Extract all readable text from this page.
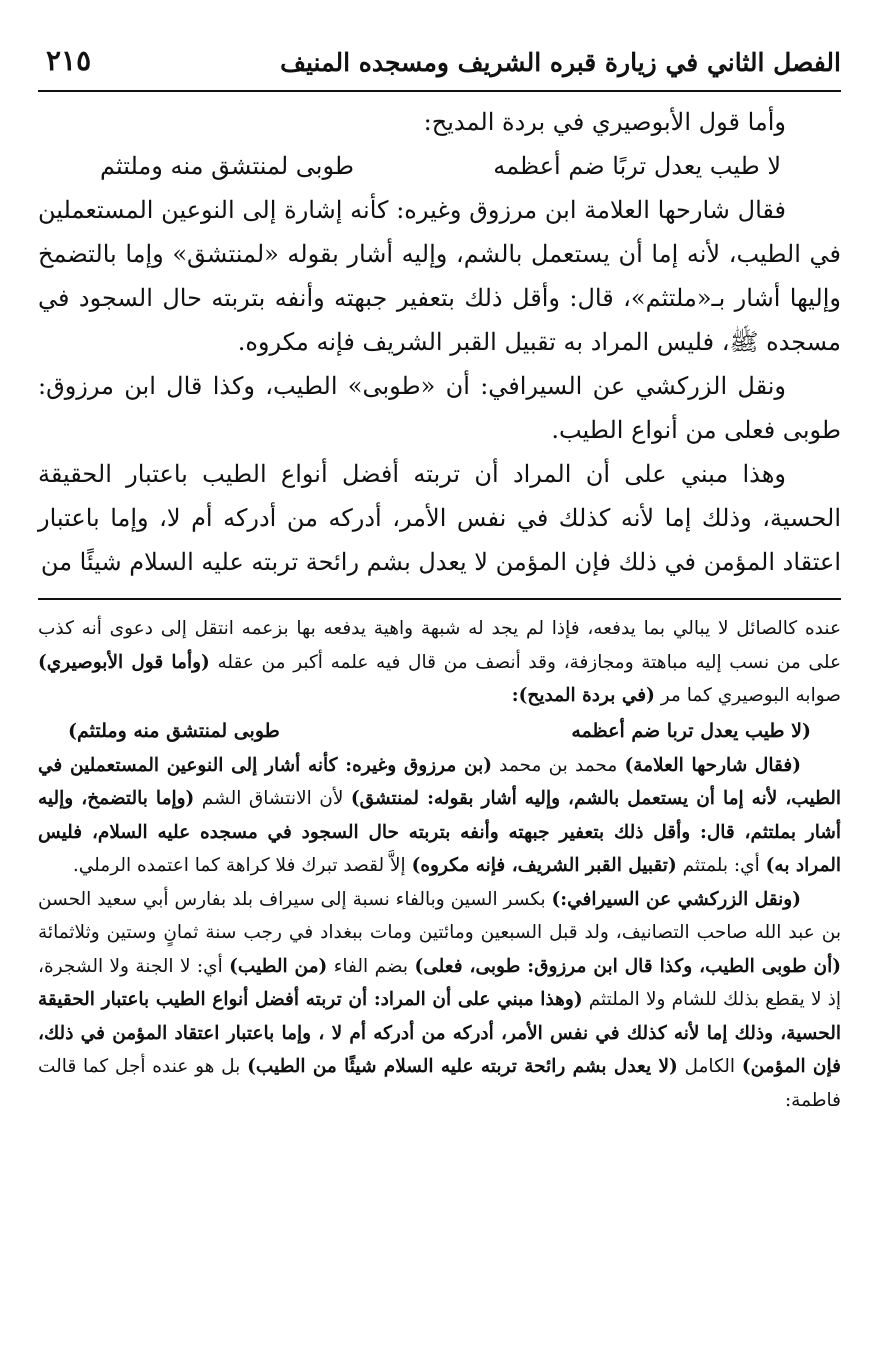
الفصل الثاني في زيارة قبره الشريف ومسجده المنيف
٢١٥

وأما قول الأبوصيري في بردة المديح:

لا طيب يعدل تربًا ضم أعظمه
طوبى لمنتشق منه وملتثم

فقال شارحها العلامة ابن مرزوق وغيره: كأنه إشارة إلى النوعين المستعملين في الطيب، لأنه إما أن يستعمل بالشم، وإليه أشار بقوله «لمنتشق» وإما بالتضمخ وإليها أشار بـ«ملتثم»، قال: وأقل ذلك بتعفير جبهته وأنفه بتربته حال السجود في مسجده ﷺ، فليس المراد به تقبيل القبر الشريف فإنه مكروه.

ونقل الزركشي عن السيرافي: أن «طوبى» الطيب، وكذا قال ابن مرزوق: طوبى فعلى من أنواع الطيب.

وهذا مبني على أن المراد أن تربته أفضل أنواع الطيب باعتبار الحقيقة الحسية، وذلك إما لأنه كذلك في نفس الأمر، أدركه من أدركه أم لا، وإما باعتبار اعتقاد المؤمن في ذلك فإن المؤمن لا يعدل بشم رائحة تربته عليه السلام شيئًا من

عنده كالصائل لا يبالي بما يدفعه، فإذا لم يجد له شبهة واهية يدفعه بها بزعمه انتقل إلى دعوى أنه كذب على من نسب إليه مباهتة ومجازفة، وقد أنصف من قال فيه علمه أكبر من عقله (وأما قول الأبوصيري) صوابه البوصيري كما مر (في بردة المديح):

(لا طيب يعدل تربا ضم أعظمه
طوبى لمنتشق منه وملتثم)

(فقال شارحها العلامة) محمد بن محمد (بن مرزوق وغيره: كأنه أشار إلى النوعين المستعملين في الطيب، لأنه إما أن يستعمل بالشم، وإليه أشار بقوله: لمنتشق) لأن الانتشاق الشم (وإما بالتضمخ، وإليه أشار بملتثم، قال: وأقل ذلك بتعفير جبهته وأنفه بتربته حال السجود في مسجده عليه السلام، فليس المراد به) أي: بلمتثم (تقبيل القبر الشريف، فإنه مكروه) إلاَّ لقصد تبرك فلا كراهة كما اعتمده الرملي.

(ونقل الزركشي عن السيرافي:) بكسر السين وبالفاء نسبة إلى سيراف بلد بفارس أبي سعيد الحسن بن عبد الله صاحب التصانيف، ولد قبل السبعين ومائتين ومات ببغداد في رجب سنة ثمانٍ وستين وثلاثمائة (أن طوبى الطيب، وكذا قال ابن مرزوق: طوبى، فعلى) بضم الفاء (من الطيب) أي: لا الجنة ولا الشجرة، إذ لا يقطع بذلك للشام ولا الملتثم (وهذا مبني على أن المراد: أن تربته أفضل أنواع الطيب باعتبار الحقيقة الحسية، وذلك إما لأنه كذلك في نفس الأمر، أدركه من أدركه أم لا ، وإما باعتبار اعتقاد المؤمن في ذلك، فإن المؤمن) الكامل (لا يعدل بشم رائحة تربته عليه السلام شيئًا من الطيب) بل هو عنده أجل كما قالت فاطمة:
